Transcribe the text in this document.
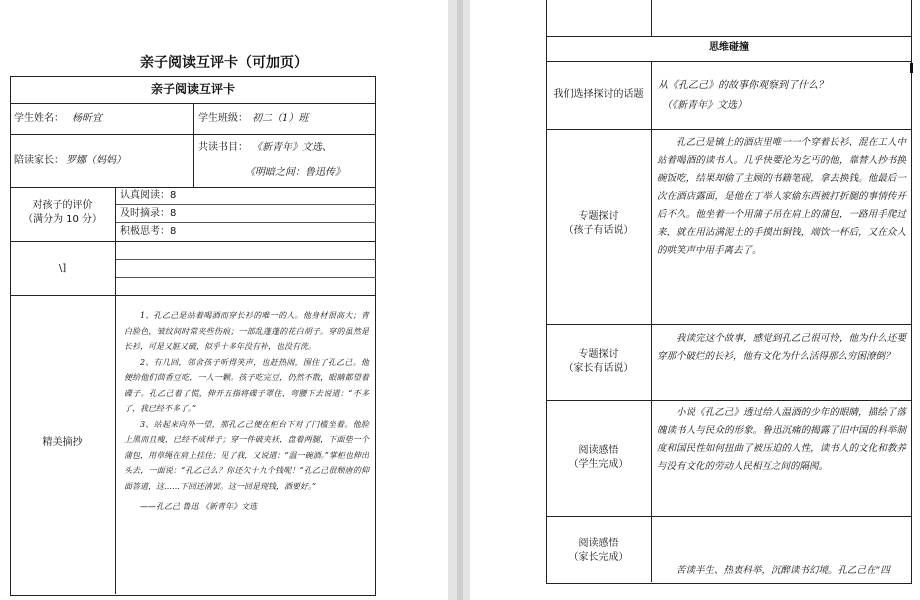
亲子阅读互评卡（可加页）
亲子阅读互评卡
学生姓名： 杨昕宜	学生班级： 初二（1）班
陪读家长： 罗娜（妈妈）
共读书目： 《新青年》文选、
《明暗之间：鲁迅传》
对孩子的评价
（满分为 10 分）
认真阅读：8
及时摘录：8
积极思考：8
\]
精美摘抄
1、孔乙己是站着喝酒而穿长衫的唯一的人。他身材很高大；青白脸色，皱纹间时常夹些伤痕；一部乱蓬蓬的花白胡子。穿的虽然是长衫，可是又脏又破，似乎十多年没有补，也没有洗。
2、有几回，邻舍孩子听得笑声，也赶热闹，围住了孔乙己。他便给他们茴香豆吃，一人一颗。孩子吃完豆，仍然不散，眼睛都望着碟子。孔乙己着了慌，伸开五指将碟子罩住，弯腰下去说道：“不多了，我已经不多了。”
3、站起来向外一望，那孔乙己便在柜台下对了门槛坐着。他脸上黑而且瘦，已经不成样子；穿一件破夹袄，盘着两腿，下面垫一个蒲包，用草绳在肩上挂住；见了我，又说道：“温一碗酒。”掌柜也伸出头去，一面说：“孔乙己么？你还欠十九个钱呢！”孔乙己很颓唐的仰面答道，这……下回还清罢。这一回是现钱，酒要好。”
——孔乙己 鲁迅 《新青年》文选
思维碰撞
我们选择探讨的话题
从《孔乙己》的故事你观察到了什么？
（《新青年》文选）
专题探讨
（孩子有话说）
孔乙己是镇上的酒店里唯一一个穿着长衫、混在工人中站着喝酒的读书人。几乎快要沦为乞丐的他，靠替人抄书换碗饭吃，结果却偷了主顾的书籍笔砚，拿去换钱。他最后一次在酒店露面，是他在丁举人家偷东西被打折腿的事情传开后不久。他坐着一个用蒲子吊在肩上的蒲包，一路用手爬过来，就在用沾满泥土的手摸出铜钱，端饮一杯后，又在众人的哄笑声中用手离去了。
专题探讨
（家长有话说）
我读完这个故事，感觉到孔乙己很可怜，他为什么还要穿那个破烂的长衫，他有文化为什么活得那么穷困潦倒？
阅读感悟
（学生完成）
小说《孔乙己》透过给人温酒的少年的眼睛，描绘了落魄读书人与民众的形象。鲁迅沉痛的揭露了旧中国的科举制度和国民性如何扭曲了被压迫的人性，读书人的文化和教养与没有文化的劳动人民相互之间的隔阂。
阅读感悟
（家长完成）
苦读半生、热衷科举，沉醉读书幻境。孔乙己在“四
